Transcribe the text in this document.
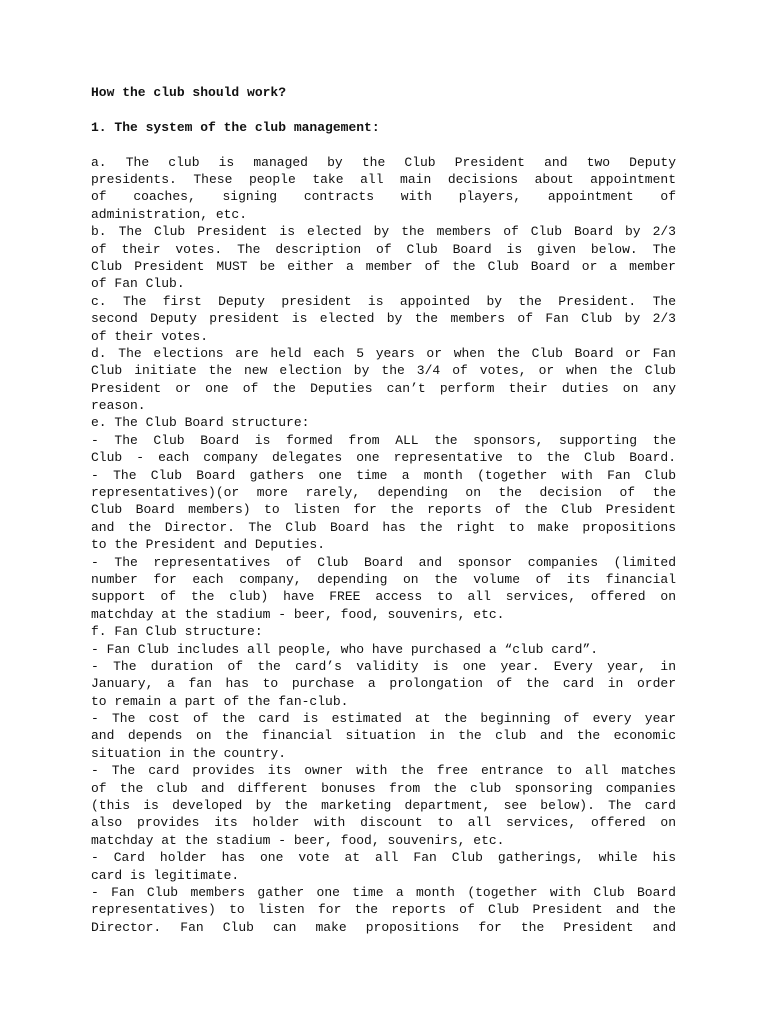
How the club should work?

1. The system of the club management:

a. The club is managed by the Club President and two Deputy
presidents. These people take all main decisions about appointment
of coaches, signing contracts with players, appointment of
administration, etc.
b. The Club President is elected by the members of Club Board by 2/3
of their votes. The description of Club Board is given below. The
Club President MUST be either a member of the Club Board or a member
of Fan Club.
c. The first Deputy president is appointed by the President. The
second Deputy president is elected by the members of Fan Club by 2/3
of their votes.
d. The elections are held each 5 years or when the Club Board or Fan
Club initiate the new election by the 3/4 of votes, or when the Club
President or one of the Deputies can’t perform their duties on any
reason.
e. The Club Board structure:
- The Club Board is formed from ALL the sponsors, supporting the
Club - each company delegates one representative to the Club Board.
- The Club Board gathers one time a month (together with Fan Club
representatives)(or more rarely, depending on the decision of the
Club Board members) to listen for the reports of the Club President
and the Director. The Club Board has the right to make propositions
to the President and Deputies.
- The representatives of Club Board and sponsor companies (limited
number for each company, depending on the volume of its financial
support of the club) have FREE access to all services, offered on
matchday at the stadium - beer, food, souvenirs, etc.
f. Fan Club structure:
- Fan Club includes all people, who have purchased a “club card”.
- The duration of the card’s validity is one year. Every year, in
January, a fan has to purchase a prolongation of the card in order
to remain a part of the fan-club.
- The cost of the card is estimated at the beginning of every year
and depends on the financial situation in the club and the economic
situation in the country.
- The card provides its owner with the free entrance to all matches
of the club and different bonuses from the club sponsoring companies
(this is developed by the marketing department, see below). The card
also provides its holder with discount to all services, offered on
matchday at the stadium - beer, food, souvenirs, etc.
- Card holder has one vote at all Fan Club gatherings, while his
card is legitimate.
- Fan Club members gather one time a month (together with Club Board
representatives) to listen for the reports of Club President and the
Director. Fan Club can make propositions for the President and
